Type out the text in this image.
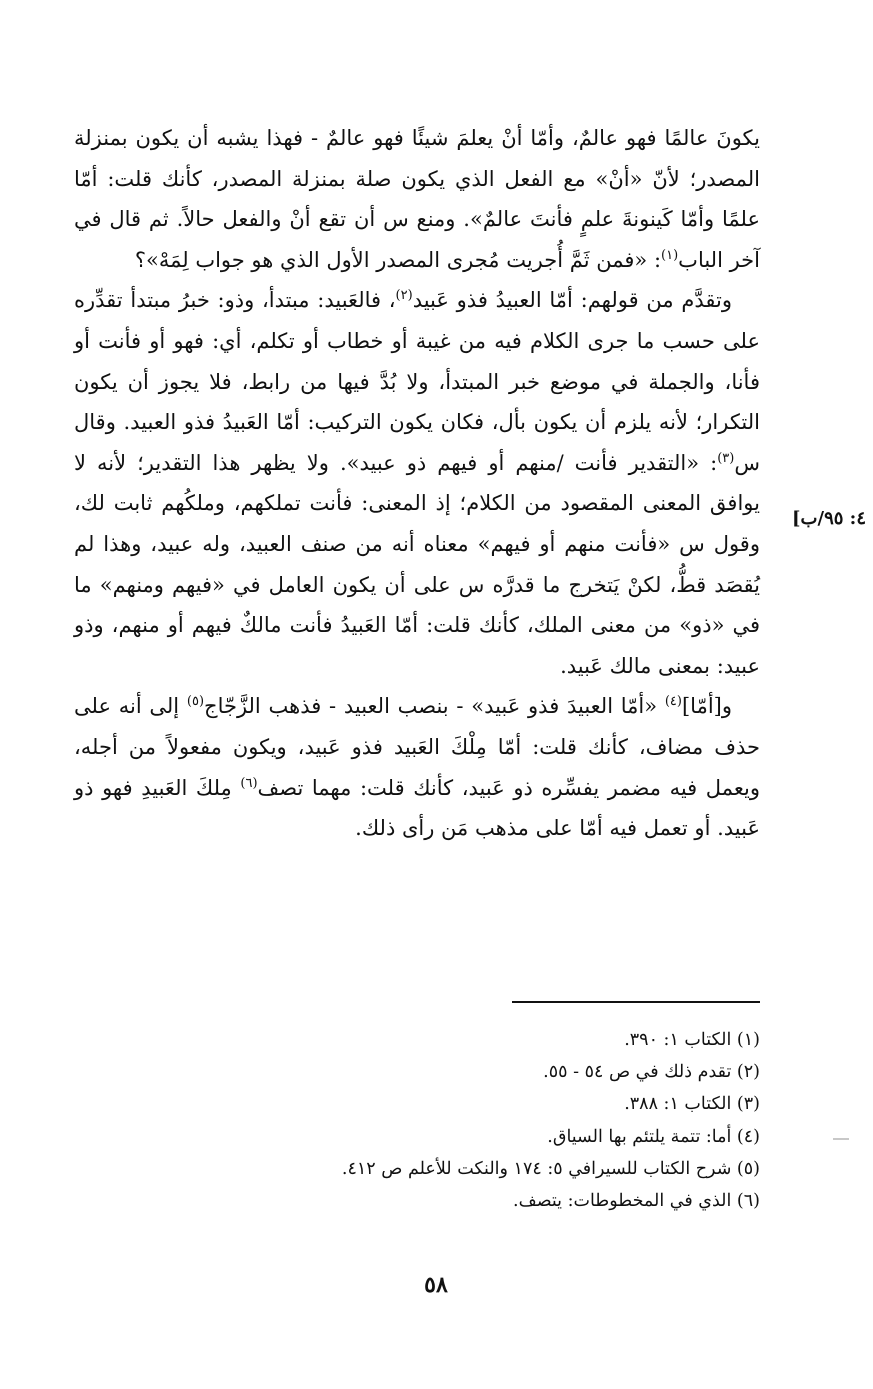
٤: ٩٥/ب]

يكونَ عالمًا فهو عالمٌ، وأمّا أنْ يعلمَ شيئًا فهو عالمٌ - فهذا يشبه أن يكون بمنزلة المصدر؛ لأنّ «أنْ» مع الفعل الذي يكون صلة بمنزلة المصدر، كأنك قلت: أمّا علمًا وأمّا كَينونةَ علمٍ فأنتَ عالمٌ». ومنع س أن تقع أنْ والفعل حالاً. ثم قال في آخر الباب$^{(١)}$: «فمن ثَمَّ أُجريت مُجرى المصدر الأول الذي هو جواب لِمَهْ»؟

وتقدَّم من قولهم: أمّا العبيدُ فذو عَبيد$^{(٢)}$، فالعَبيد: مبتدأ، وذو: خبرُ مبتدأ تقدِّره على حسب ما جرى الكلام فيه من غيبة أو خطاب أو تكلم، أي: فهو أو فأنت أو فأنا، والجملة في موضع خبر المبتدأ، ولا بُدَّ فيها من رابط، فلا يجوز أن يكون التكرار؛ لأنه يلزم أن يكون بأل، فكان يكون التركيب: أمّا العَبيدُ فذو العبيد. وقال س$^{(٣)}$: «التقدير فأنت /منهم أو فيهم ذو عبيد». ولا يظهر هذا التقدير؛ لأنه لا يوافق المعنى المقصود من الكلام؛ إذ المعنى: فأنت تملكهم، وملكُهم ثابت لك، وقول س «فأنت منهم أو فيهم» معناه أنه من صنف العبيد، وله عبيد، وهذا لم يُقصَد قطُّ، لكنْ يَتخرج ما قدرَّه س على أن يكون العامل في «فيهم ومنهم» ما في «ذو» من معنى الملك، كأنك قلت: أمّا العَبيدُ فأنت مالكٌ فيهم أو منهم، وذو عبيد: بمعنى مالك عَبيد.

و[أمّا]$^{(٤)}$ «أمّا العبيدَ فذو عَبيد» - بنصب العبيد - فذهب الزَّجّاج$^{(٥)}$ إلى أنه على حذف مضاف، كأنك قلت: أمّا مِلْكَ العَبيد فذو عَبيد، ويكون مفعولاً من أجله، ويعمل فيه مضمر يفسِّره ذو عَبيد، كأنك قلت: مهما تصف$^{(٦)}$ مِلكَ العَبيدِ فهو ذو عَبيد. أو تعمل فيه أمّا على مذهب مَن رأى ذلك.

(١) الكتاب ١: ٣٩٠.
(٢) تقدم ذلك في ص ٥٤ - ٥٥.
(٣) الكتاب ١: ٣٨٨.
(٤) أما: تتمة يلتئم بها السياق.
(٥) شرح الكتاب للسيرافي ٥: ١٧٤ والنكت للأعلم ص ٤١٢.
(٦) الذي في المخطوطات: يتصف.
٥٨
